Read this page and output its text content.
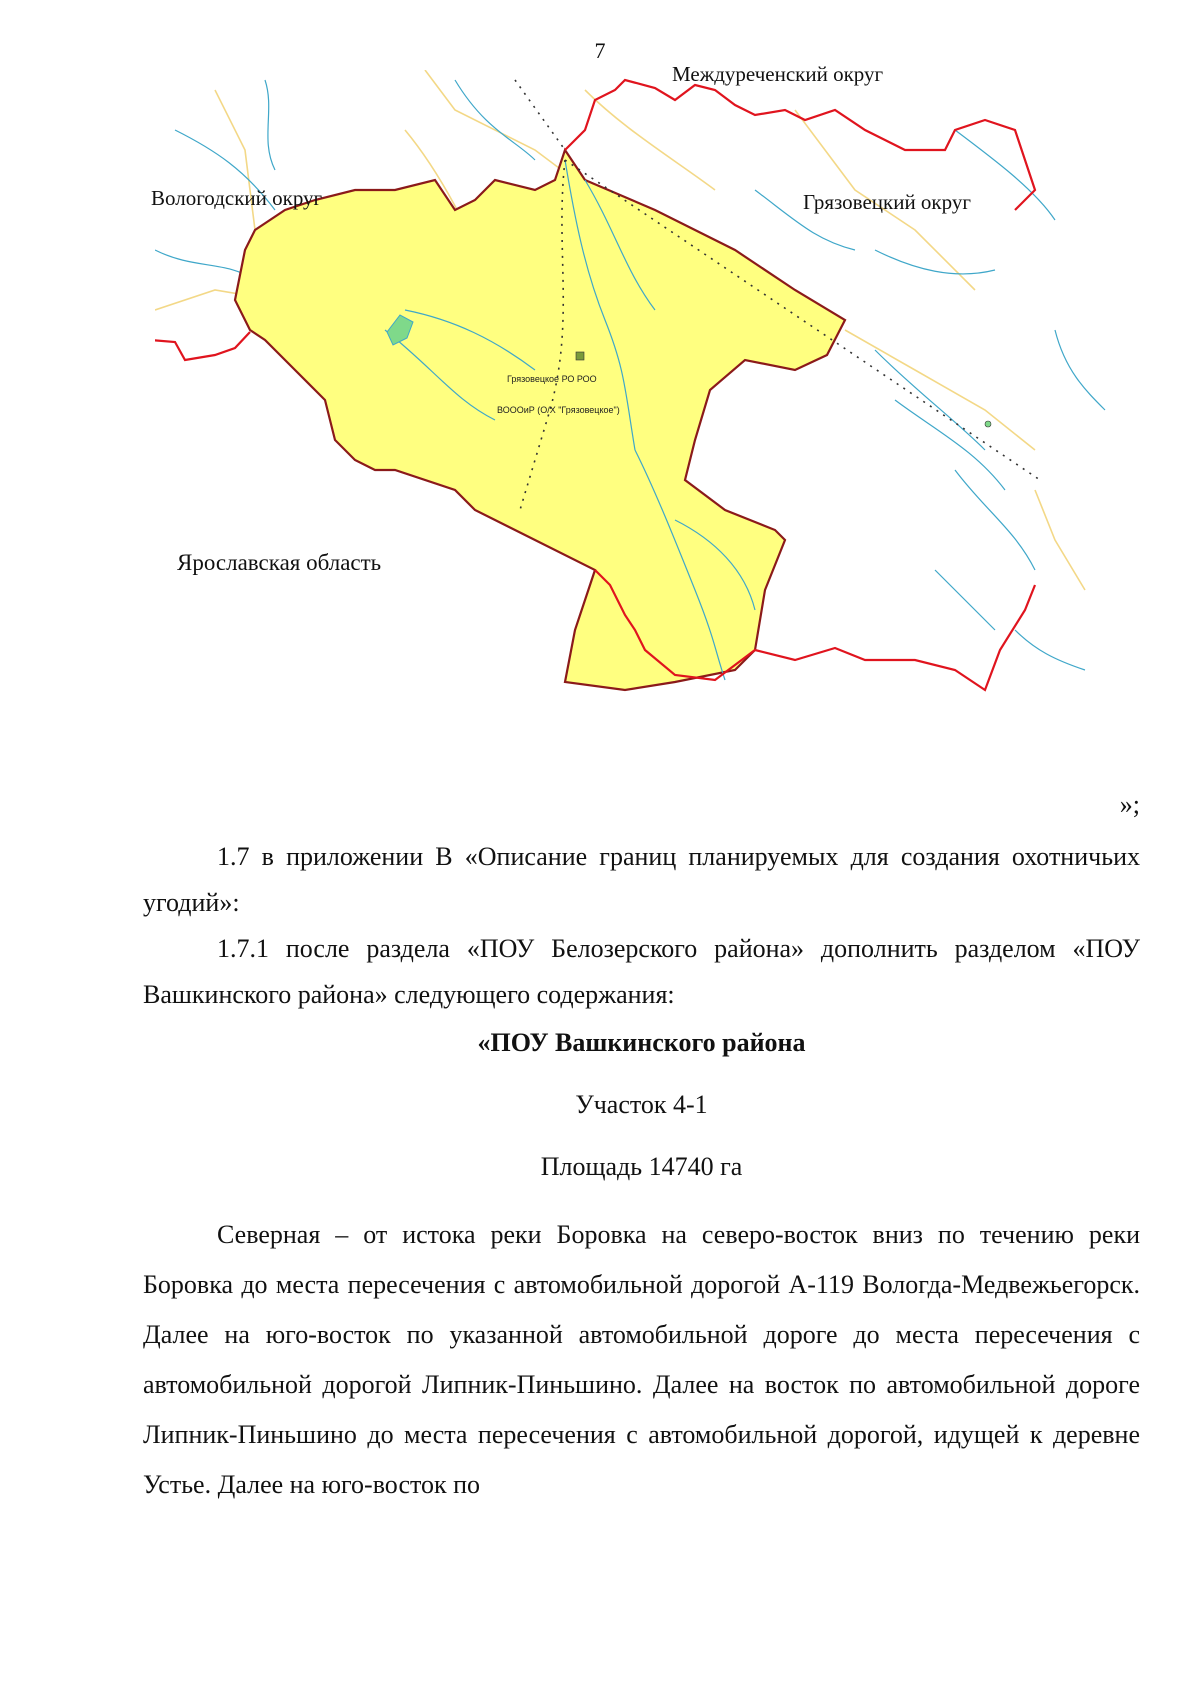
7
Междуреченский округ
Вологодский округ	Грязовецкий округ
Ярославская область
Грязовецкое РО РОО
ВОООиР (О/Х "Грязовецкое")
»;

1.7 в приложении В «Описание границ планируемых для создания охотничьих угодий»:

1.7.1 после раздела «ПОУ Белозерского района» дополнить разделом «ПОУ Вашкинского района» следующего содержания:

«ПОУ Вашкинского района

Участок 4-1

Площадь 14740 га

Северная – от истока реки Боровка на северо-восток вниз по течению реки Боровка до места пересечения с автомобильной дорогой А-119 Вологда-Медвежьегорск. Далее на юго-восток по указанной автомобильной дороге до места пересечения с автомобильной дорогой Липник-Пиньшино. Далее на восток по автомобильной дороге Липник-Пиньшино до места пересечения с автомобильной дорогой, идущей к деревне Устье. Далее на юго-восток по
